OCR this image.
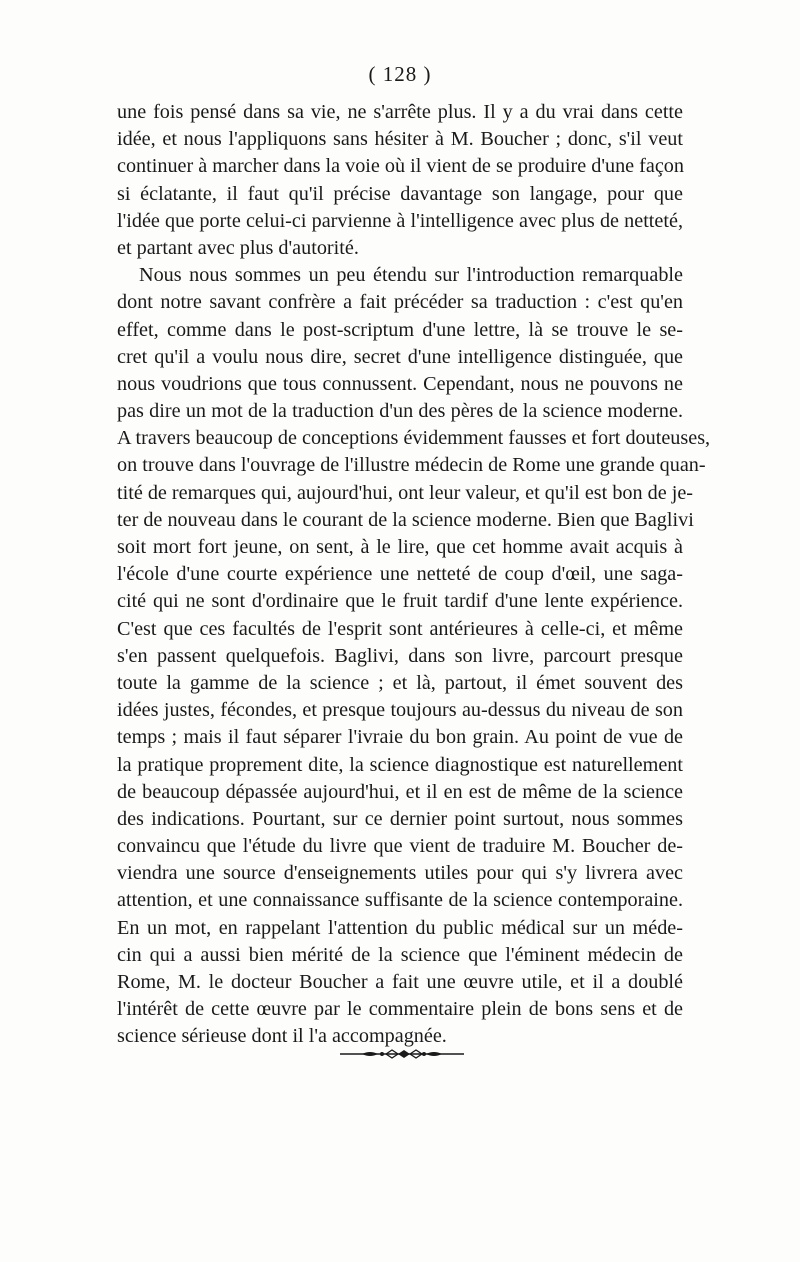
( 128 )
une fois pensé dans sa vie, ne s'arrête plus. Il y a du vrai dans cette
idée, et nous l'appliquons sans hésiter à M. Boucher ; donc, s'il veut
continuer à marcher dans la voie où il vient de se produire d'une façon
si éclatante, il faut qu'il précise davantage son langage, pour que
l'idée que porte celui-ci parvienne à l'intelligence avec plus de netteté,
et partant avec plus d'autorité.
Nous nous sommes un peu étendu sur l'introduction remarquable
dont notre savant confrère a fait précéder sa traduction : c'est qu'en
effet, comme dans le post-scriptum d'une lettre, là se trouve le se-
cret qu'il a voulu nous dire, secret d'une intelligence distinguée, que
nous voudrions que tous connussent. Cependant, nous ne pouvons ne
pas dire un mot de la traduction d'un des pères de la science moderne.
A travers beaucoup de conceptions évidemment fausses et fort douteuses,
on trouve dans l'ouvrage de l'illustre médecin de Rome une grande quan-
tité de remarques qui, aujourd'hui, ont leur valeur, et qu'il est bon de je-
ter de nouveau dans le courant de la science moderne. Bien que Baglivi
soit mort fort jeune, on sent, à le lire, que cet homme avait acquis à
l'école d'une courte expérience une netteté de coup d'œil, une saga-
cité qui ne sont d'ordinaire que le fruit tardif d'une lente expérience.
C'est que ces facultés de l'esprit sont antérieures à celle-ci, et même
s'en passent quelquefois. Baglivi, dans son livre, parcourt presque
toute la gamme de la science ; et là, partout, il émet souvent des
idées justes, fécondes, et presque toujours au-dessus du niveau de son
temps ; mais il faut séparer l'ivraie du bon grain. Au point de vue de
la pratique proprement dite, la science diagnostique est naturellement
de beaucoup dépassée aujourd'hui, et il en est de même de la science
des indications. Pourtant, sur ce dernier point surtout, nous sommes
convaincu que l'étude du livre que vient de traduire M. Boucher de-
viendra une source d'enseignements utiles pour qui s'y livrera avec
attention, et une connaissance suffisante de la science contemporaine.
En un mot, en rappelant l'attention du public médical sur un méde-
cin qui a aussi bien mérité de la science que l'éminent médecin de
Rome, M. le docteur Boucher a fait une œuvre utile, et il a doublé
l'intérêt de cette œuvre par le commentaire plein de bons sens et de
science sérieuse dont il l'a accompagnée.
